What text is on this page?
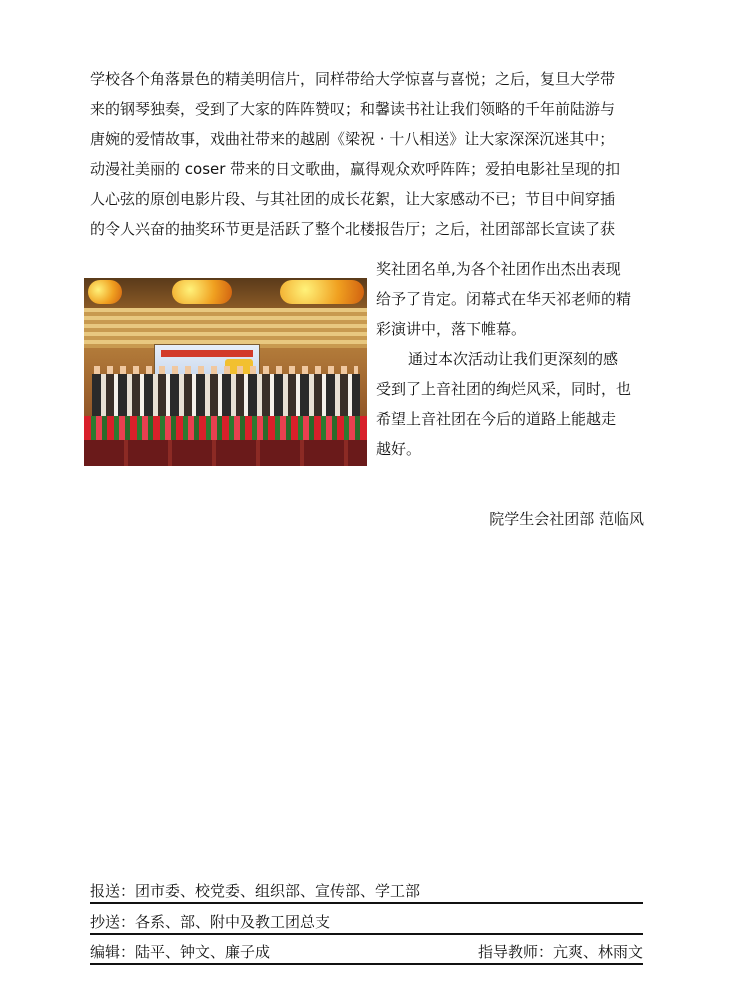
学校各个角落景色的精美明信片，同样带给大学惊喜与喜悦；之后，复旦大学带
来的钢琴独奏，受到了大家的阵阵赞叹；和馨读书社让我们领略的千年前陆游与
唐婉的爱情故事，戏曲社带来的越剧《梁祝 · 十八相送》让大家深深沉迷其中；
动漫社美丽的 coser 带来的日文歌曲，赢得观众欢呼阵阵；爱拍电影社呈现的扣
人心弦的原创电影片段、与其社团的成长花絮，让大家感动不已；节目中间穿插
的令人兴奋的抽奖环节更是活跃了整个北楼报告厅；之后，社团部部长宣读了获
奖社团名单,为各个社团作出杰出表现
给予了肯定。闭幕式在华天祁老师的精
彩演讲中，落下帷幕。
通过本次活动让我们更深刻的感
受到了上音社团的绚烂风采，同时，也
希望上音社团在今后的道路上能越走
越好。
院学生会社团部 范临风
报送：团市委、校党委、组织部、宣传部、学工部
抄送：各系、部、附中及教工团总支
编辑：陆平、钟文、廉子成	指导教师：亢爽、林雨文
